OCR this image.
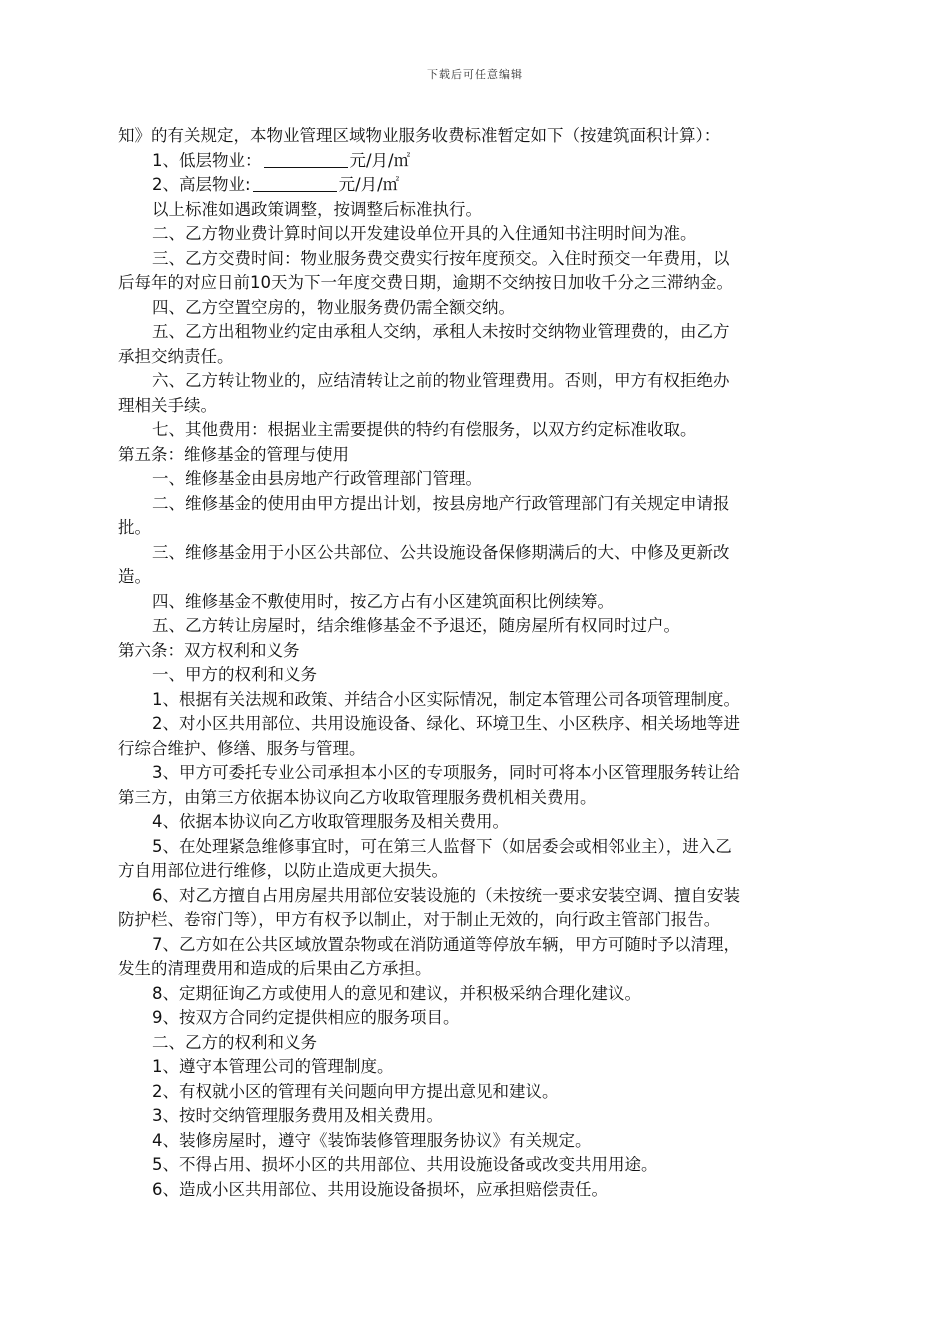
下载后可任意编辑
知》的有关规定，本物业管理区域物业服务收费标准暂定如下（按建筑面积计算）：
1、低层物业：	元/月/㎡
2、高层物业:	元/月/㎡
以上标准如遇政策调整，按调整后标准执行。
二、乙方物业费计算时间以开发建设单位开具的入住通知书注明时间为准。
三、乙方交费时间：物业服务费交费实行按年度预交。入住时预交一年费用，以
后每年的对应日前10天为下一年度交费日期，逾期不交纳按日加收千分之三滞纳金。
四、乙方空置空房的，物业服务费仍需全额交纳。
五、乙方出租物业约定由承租人交纳，承租人未按时交纳物业管理费的，由乙方
承担交纳责任。
六、乙方转让物业的，应结清转让之前的物业管理费用。否则，甲方有权拒绝办
理相关手续。
七、其他费用：根据业主需要提供的特约有偿服务，以双方约定标准收取。
第五条：维修基金的管理与使用
一、维修基金由县房地产行政管理部门管理。
二、维修基金的使用由甲方提出计划，按县房地产行政管理部门有关规定申请报
批。
三、维修基金用于小区公共部位、公共设施设备保修期满后的大、中修及更新改
造。
四、维修基金不敷使用时，按乙方占有小区建筑面积比例续筹。
五、乙方转让房屋时，结余维修基金不予退还，随房屋所有权同时过户。
第六条：双方权利和义务
一、甲方的权利和义务
1、根据有关法规和政策、并结合小区实际情况，制定本管理公司各项管理制度。
2、对小区共用部位、共用设施设备、绿化、环境卫生、小区秩序、相关场地等进
行综合维护、修缮、服务与管理。
3、甲方可委托专业公司承担本小区的专项服务，同时可将本小区管理服务转让给
第三方，由第三方依据本协议向乙方收取管理服务费机相关费用。
4、依据本协议向乙方收取管理服务及相关费用。
5、在处理紧急维修事宜时，可在第三人监督下（如居委会或相邻业主），进入乙
方自用部位进行维修，以防止造成更大损失。
6、对乙方擅自占用房屋共用部位安装设施的（未按统一要求安装空调、擅自安装
防护栏、卷帘门等），甲方有权予以制止，对于制止无效的，向行政主管部门报告。
7、乙方如在公共区域放置杂物或在消防通道等停放车辆，甲方可随时予以清理，
发生的清理费用和造成的后果由乙方承担。
8、定期征询乙方或使用人的意见和建议，并积极采纳合理化建议。
9、按双方合同约定提供相应的服务项目。
二、乙方的权利和义务
1、遵守本管理公司的管理制度。
2、有权就小区的管理有关问题向甲方提出意见和建议。
3、按时交纳管理服务费用及相关费用。
4、装修房屋时，遵守《装饰装修管理服务协议》有关规定。
5、不得占用、损坏小区的共用部位、共用设施设备或改变共用用途。
6、造成小区共用部位、共用设施设备损坏，应承担赔偿责任。
